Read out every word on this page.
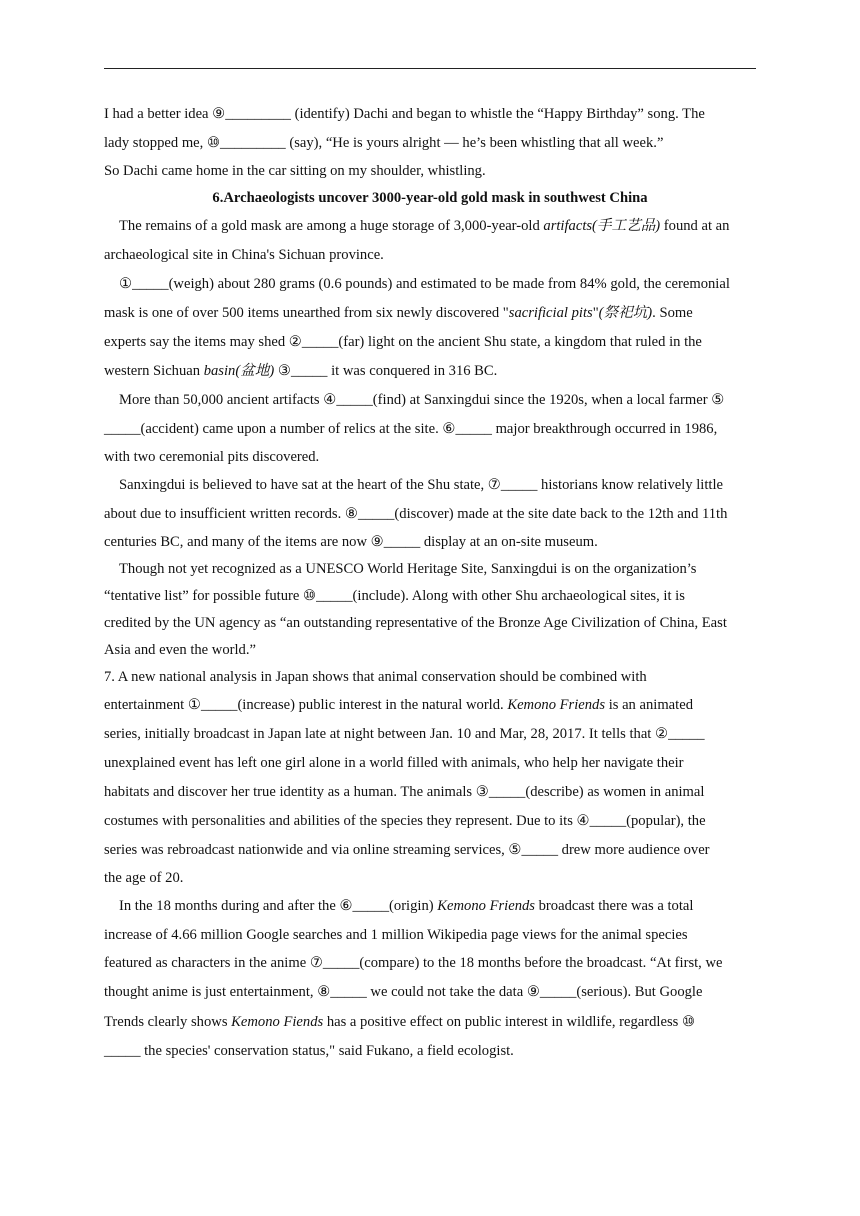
I had a better idea ⑨_________ (identify) Dachi and began to whistle the “Happy Birthday” song. The
lady stopped me, ⑩_________ (say), “He is yours alright — he’s been whistling that all week.”
So Dachi came home in the car sitting on my shoulder, whistling.
6.Archaeologists uncover 3000-year-old gold mask in southwest China
The remains of a gold mask are among a huge storage of 3,000-year-old artifacts(手工艺品) found at an
archaeological site in China's Sichuan province.
①_____(weigh) about 280 grams (0.6 pounds) and estimated to be made from 84% gold, the ceremonial
mask is one of over 500 items unearthed from six newly discovered "sacrificial pits"(祭祀坑). Some
experts say the items may shed ②_____(far) light on the ancient Shu state, a kingdom that ruled in the
western Sichuan basin(盆地) ③_____ it was conquered in 316 BC.
More than 50,000 ancient artifacts ④_____(find) at Sanxingdui since the 1920s, when a local farmer ⑤
_____(accident) came upon a number of relics at the site. ⑥_____ major breakthrough occurred in 1986,
with two ceremonial pits discovered.
Sanxingdui is believed to have sat at the heart of the Shu state, ⑦_____ historians know relatively little
about due to insufficient written records. ⑧_____(discover) made at the site date back to the 12th and 11th
centuries BC, and many of the items are now ⑨_____ display at an on-site museum.
Though not yet recognized as a UNESCO World Heritage Site, Sanxingdui is on the organization’s
“tentative list” for possible future ⑩_____(include). Along with other Shu archaeological sites, it is
credited by the UN agency as “an outstanding representative of the Bronze Age Civilization of China, East
Asia and even the world.”
7. A new national analysis in Japan shows that animal conservation should be combined with
entertainment ①_____(increase) public interest in the natural world. Kemono Friends is an animated
series, initially broadcast in Japan late at night between Jan. 10 and Mar, 28, 2017. It tells that ②_____
unexplained event has left one girl alone in a world filled with animals, who help her navigate their
habitats and discover her true identity as a human. The animals ③_____(describe) as women in animal
costumes with personalities and abilities of the species they represent. Due to its ④_____(popular), the
series was rebroadcast nationwide and via online streaming services, ⑤_____ drew more audience over
the age of 20.
In the 18 months during and after the ⑥_____(origin) Kemono Friends broadcast there was a total
increase of 4.66 million Google searches and 1 million Wikipedia page views for the animal species
featured as characters in the anime ⑦_____(compare) to the 18 months before the broadcast. “At first, we
thought anime is just entertainment, ⑧_____ we could not take the data ⑨_____(serious). But Google
Trends clearly shows Kemono Fiends has a positive effect on public interest in wildlife, regardless ⑩
_____ the species' conservation status," said Fukano, a field ecologist.
